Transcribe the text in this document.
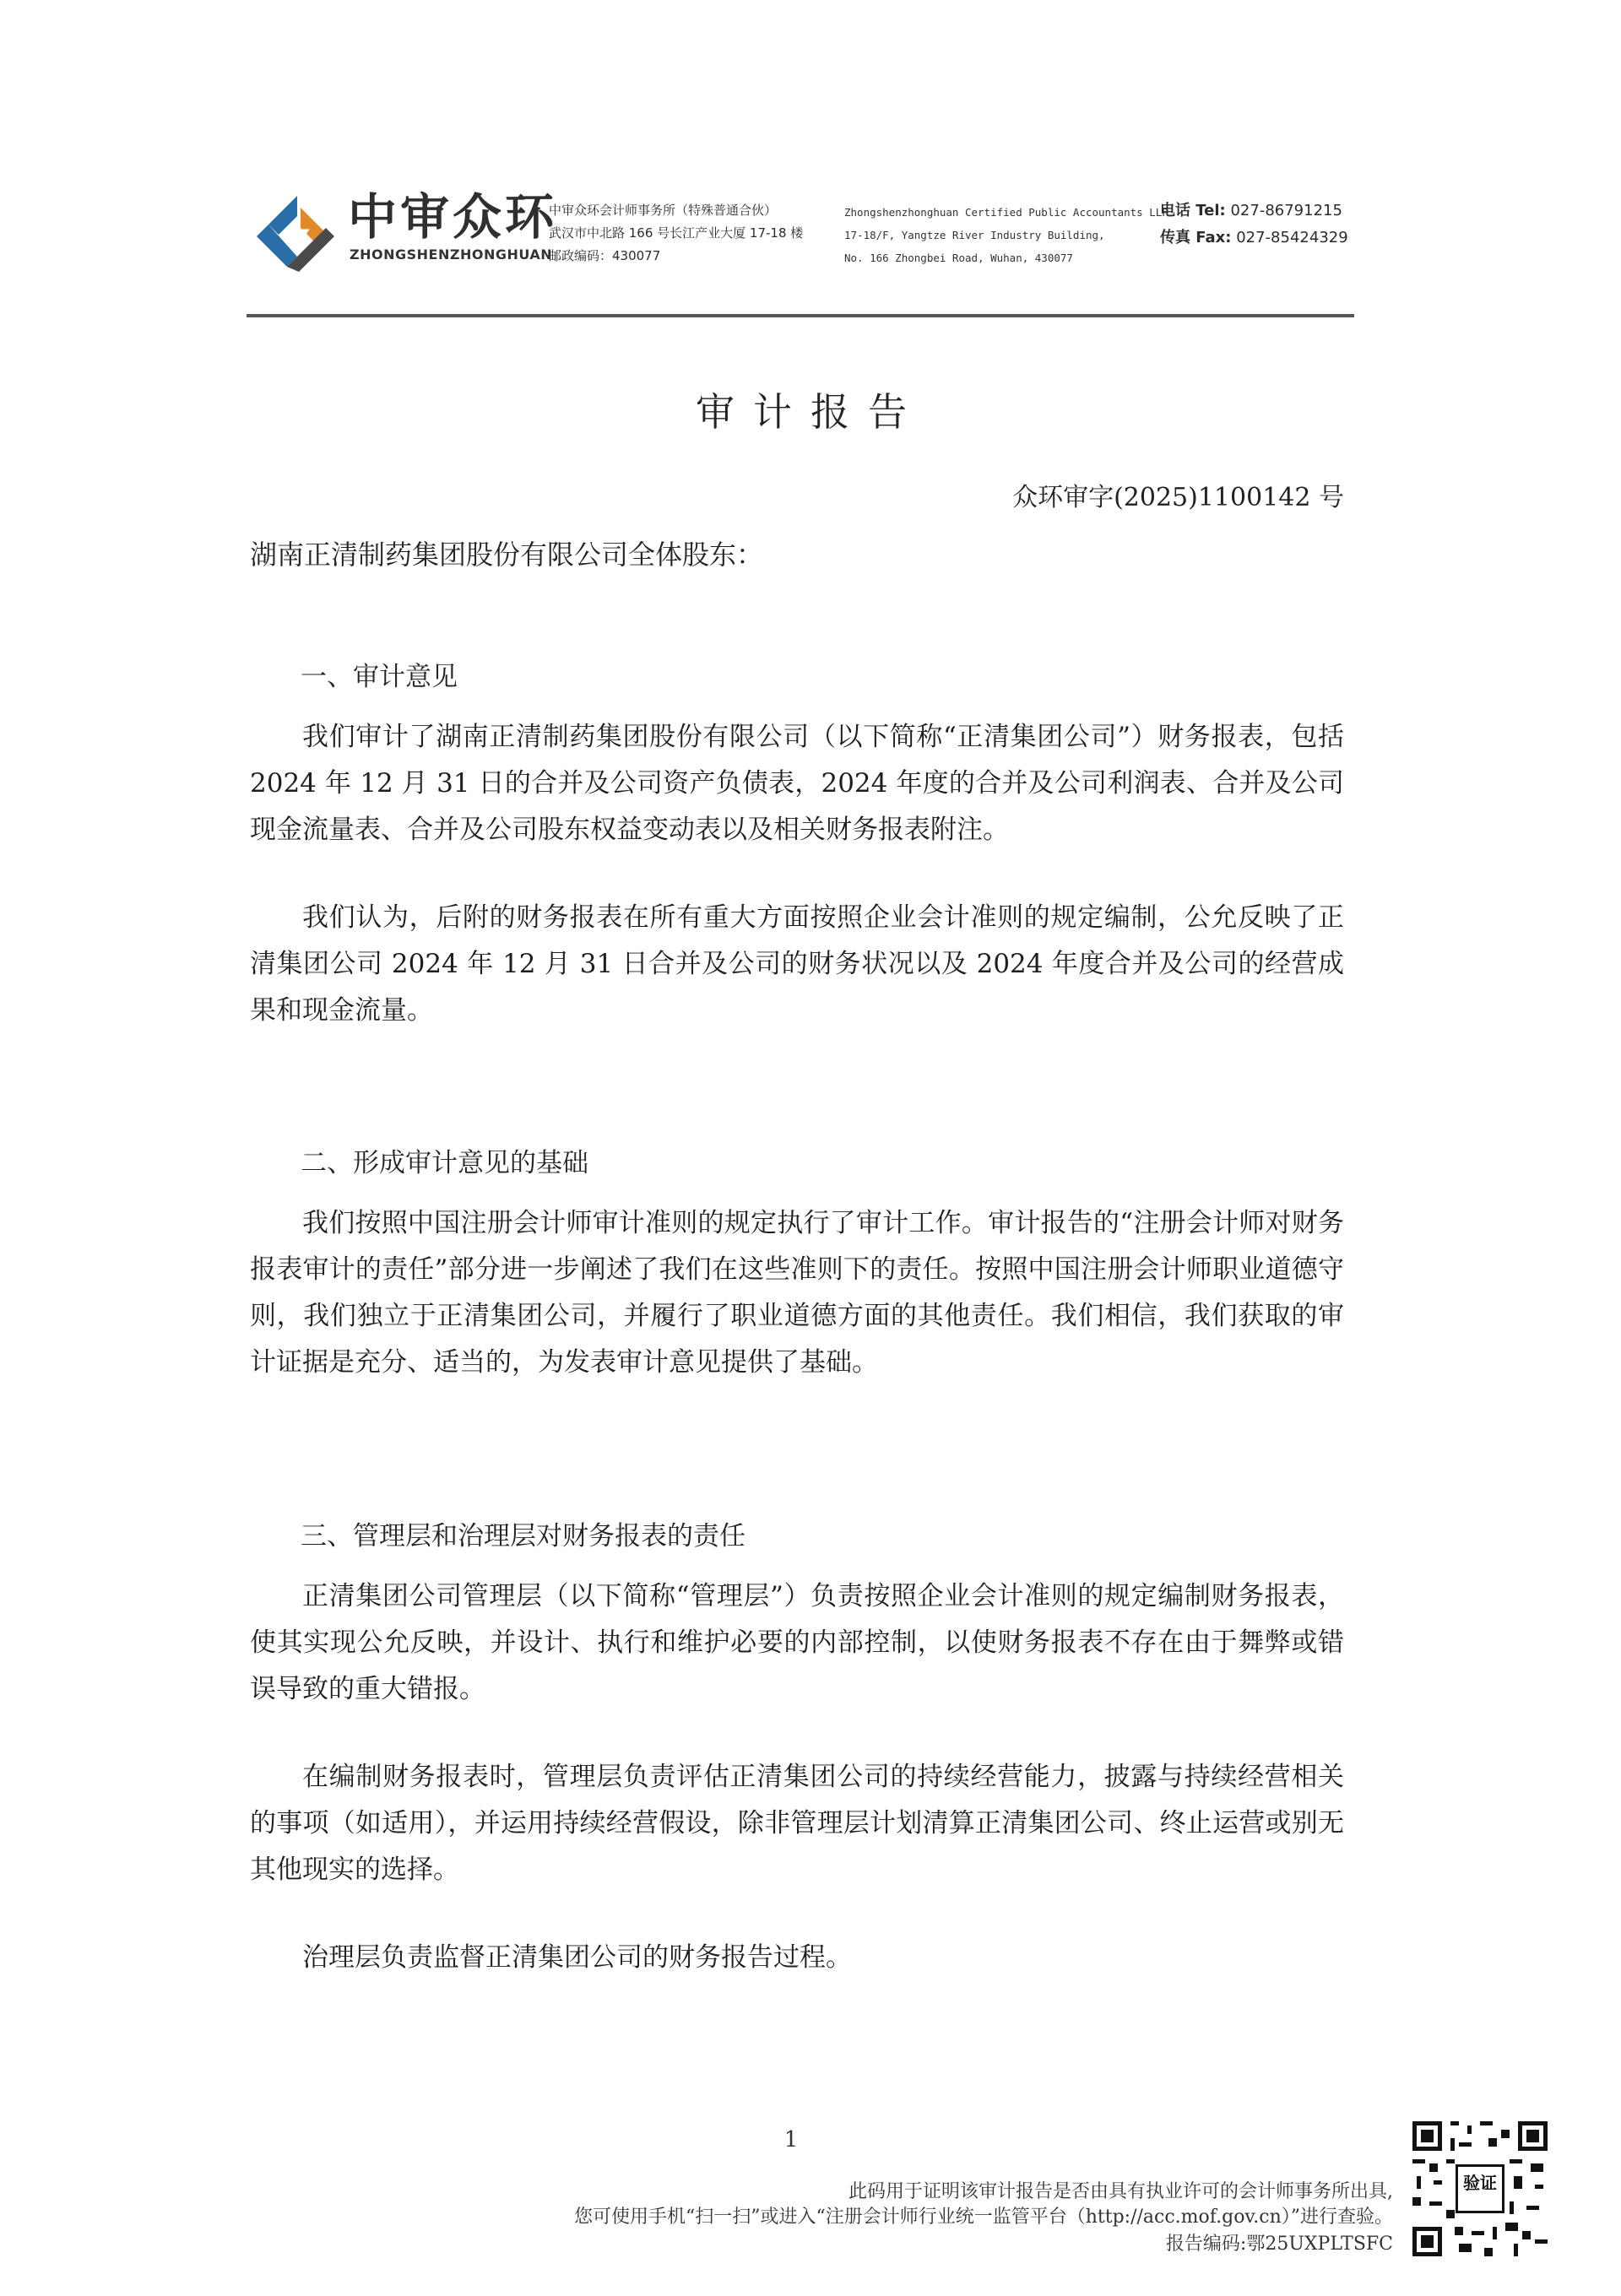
中审众环
ZHONGSHENZHONGHUAN
中审众环会计师事务所（特殊普通合伙）
武汉市中北路 166 号长江产业大厦 17-18 楼
邮政编码：430077
Zhongshenzhonghuan Certified Public Accountants LLP
17-18/F, Yangtze River Industry Building,
No. 166 Zhongbei Road, Wuhan, 430077
电话 Tel: 027-86791215
传真 Fax: 027-85424329
审计报告
众环审字(2025)1100142 号
湖南正清制药集团股份有限公司全体股东：
一、审计意见
我们审计了湖南正清制药集团股份有限公司（以下简称“正清集团公司”）财务报表，包括 2024 年 12 月 31 日的合并及公司资产负债表，2024 年度的合并及公司利润表、合并及公司现金流量表、合并及公司股东权益变动表以及相关财务报表附注。
我们认为，后附的财务报表在所有重大方面按照企业会计准则的规定编制，公允反映了正清集团公司 2024 年 12 月 31 日合并及公司的财务状况以及 2024 年度合并及公司的经营成果和现金流量。
二、形成审计意见的基础
我们按照中国注册会计师审计准则的规定执行了审计工作。审计报告的“注册会计师对财务报表审计的责任”部分进一步阐述了我们在这些准则下的责任。按照中国注册会计师职业道德守则，我们独立于正清集团公司，并履行了职业道德方面的其他责任。我们相信，我们获取的审计证据是充分、适当的，为发表审计意见提供了基础。
三、管理层和治理层对财务报表的责任
正清集团公司管理层（以下简称“管理层”）负责按照企业会计准则的规定编制财务报表，使其实现公允反映，并设计、执行和维护必要的内部控制，以使财务报表不存在由于舞弊或错误导致的重大错报。
在编制财务报表时，管理层负责评估正清集团公司的持续经营能力，披露与持续经营相关的事项（如适用），并运用持续经营假设，除非管理层计划清算正清集团公司、终止运营或别无其他现实的选择。
治理层负责监督正清集团公司的财务报告过程。
1
此码用于证明该审计报告是否由具有执业许可的会计师事务所出具,
您可使用手机“扫一扫”或进入“注册会计师行业统一监管平台（http://acc.mof.gov.cn）”进行查验。
报告编码:鄂25UXPLTSFC
验证
